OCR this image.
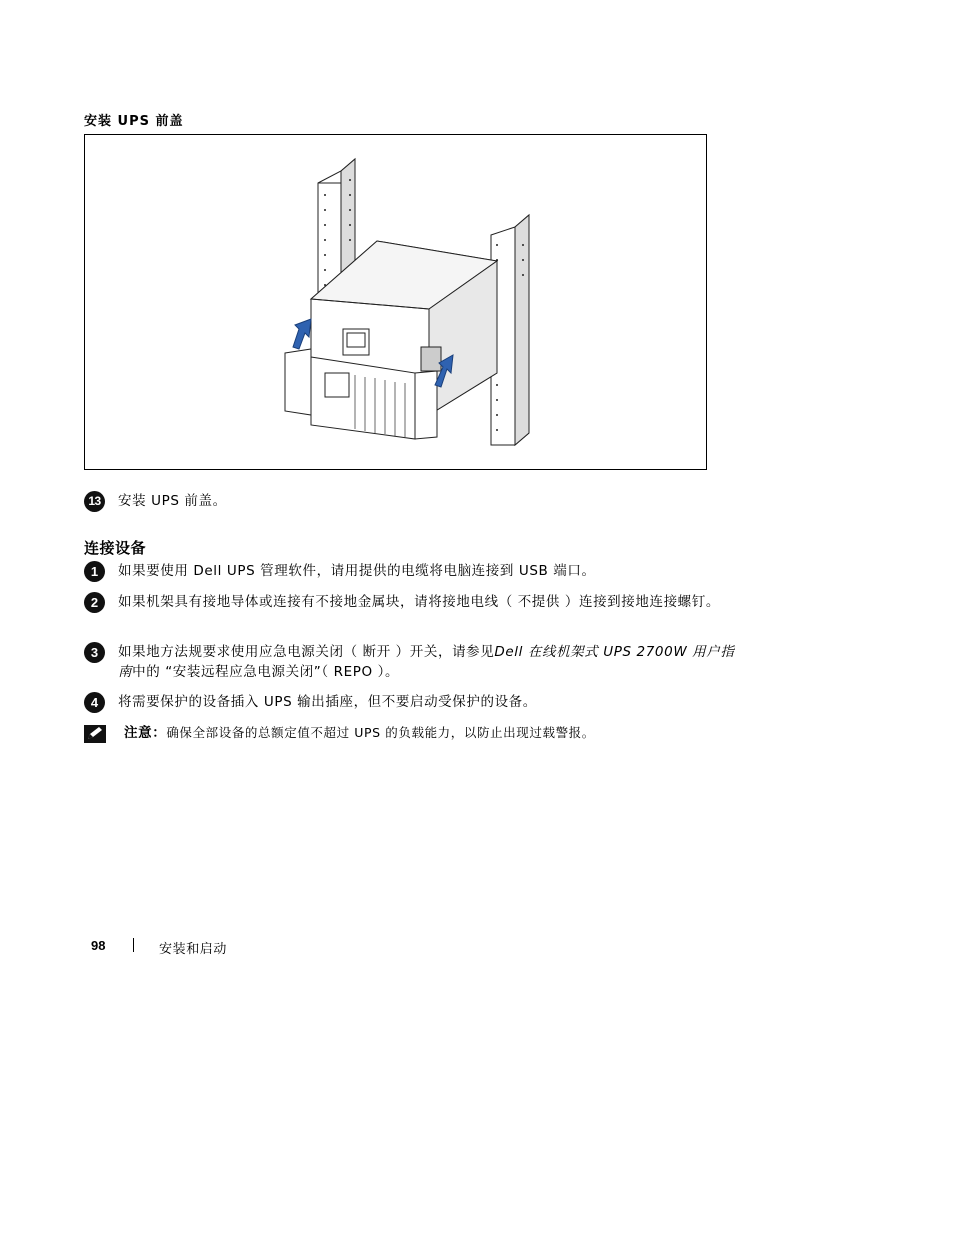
安装 UPS 前盖
13	安装 UPS 前盖。
连接设备
1	如果要使用 Dell UPS 管理软件，请用提供的电缆将电脑连接到 USB 端口。
2	如果机架具有接地导体或连接有不接地金属块，请将接地电线（ 不提供 ）连接到接地连接螺钉。
3	如果地方法规要求使用应急电源关闭（ 断开 ）开关，请参见Dell 在线机架式 UPS 2700W 用户指南中的 “安装远程应急电源关闭”（ REPO ）。
4	将需要保护的设备插入 UPS 输出插座，但不要启动受保护的设备。
注意：确保全部设备的总额定值不超过 UPS 的负载能力，以防止出现过载警报。
98	安装和启动
